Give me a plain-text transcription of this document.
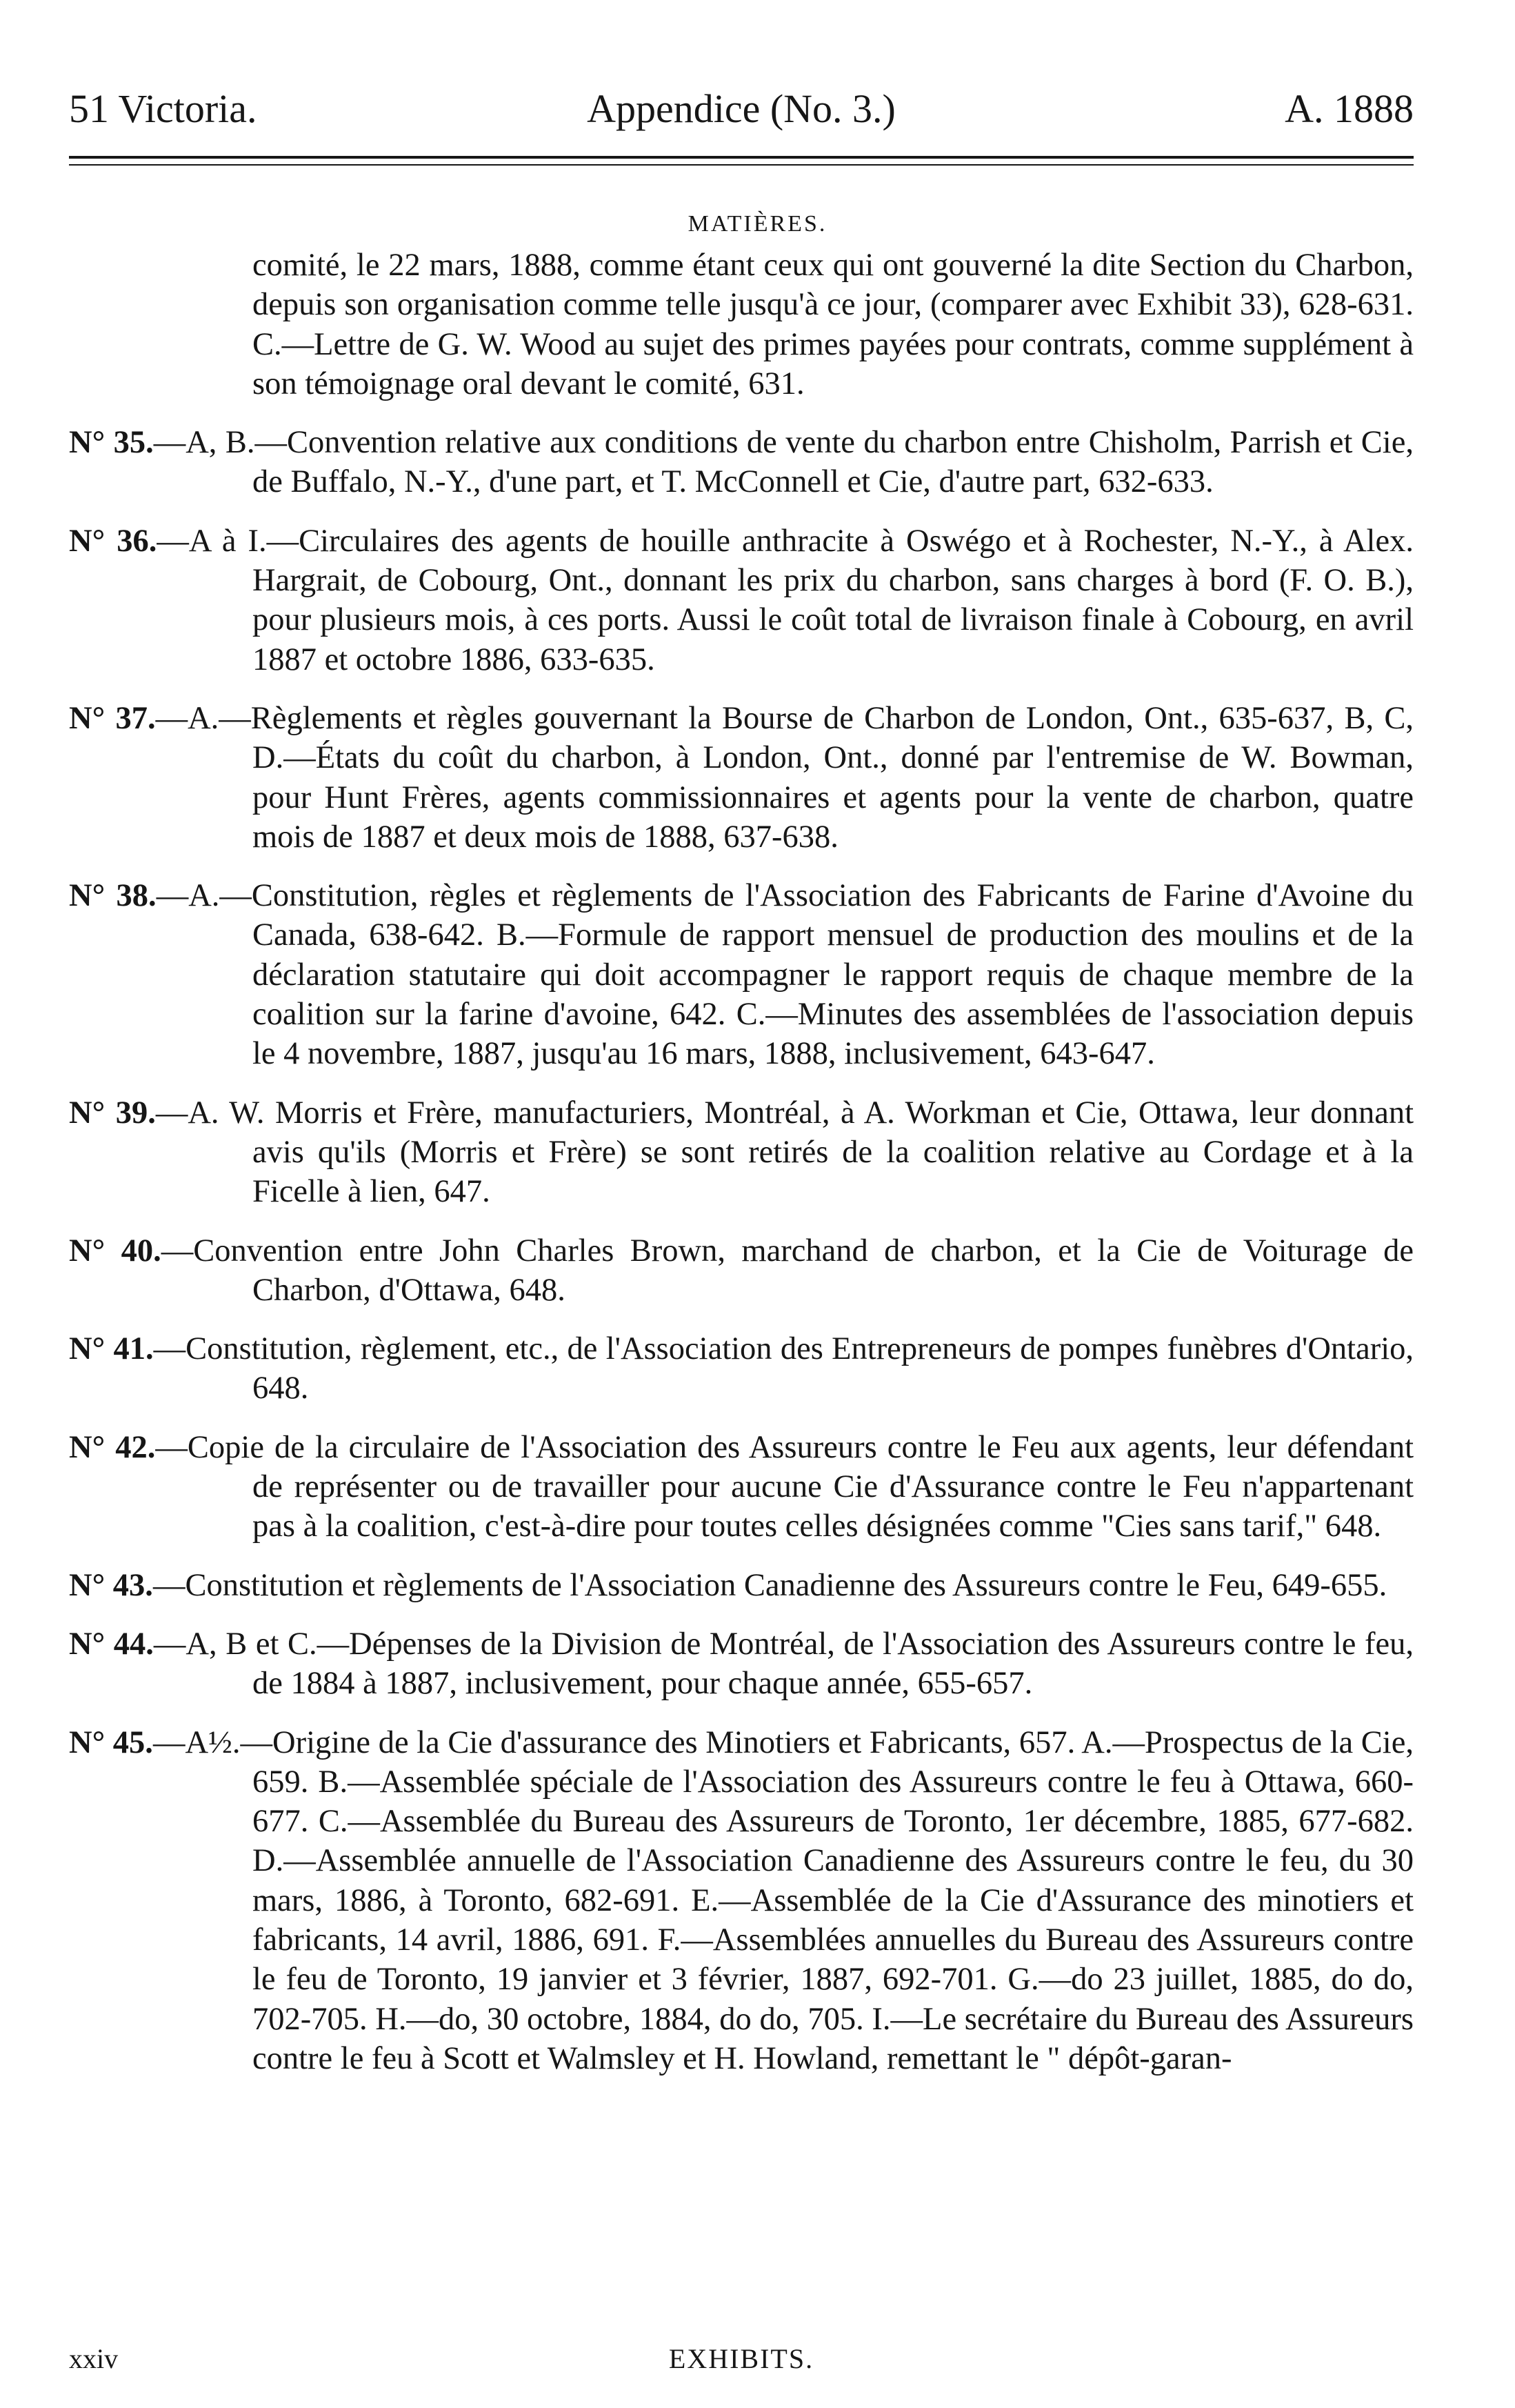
51 Victoria.	Appendice (No. 3.)	A. 1888
MATIÈRES.

comité, le 22 mars, 1888, comme étant ceux qui ont gouverné la dite Section du Charbon, depuis son organisation comme telle jusqu'à ce jour, (comparer avec Exhibit 33), 628-631. C.—Lettre de G. W. Wood au sujet des primes payées pour contrats, comme supplément à son témoignage oral devant le comité, 631.

N° 35.—A, B.—Convention relative aux conditions de vente du charbon entre Chisholm, Parrish et Cie, de Buffalo, N.-Y., d'une part, et T. McConnell et Cie, d'autre part, 632-633.

N° 36.—A à I.—Circulaires des agents de houille anthracite à Oswégo et à Rochester, N.-Y., à Alex. Hargrait, de Cobourg, Ont., donnant les prix du charbon, sans charges à bord (F. O. B.), pour plusieurs mois, à ces ports. Aussi le coût total de livraison finale à Cobourg, en avril 1887 et octobre 1886, 633-635.

N° 37.—A.—Règlements et règles gouvernant la Bourse de Charbon de London, Ont., 635-637, B, C, D.—États du coût du charbon, à London, Ont., donné par l'entremise de W. Bowman, pour Hunt Frères, agents commissionnaires et agents pour la vente de charbon, quatre mois de 1887 et deux mois de 1888, 637-638.

N° 38.—A.—Constitution, règles et règlements de l'Association des Fabricants de Farine d'Avoine du Canada, 638-642. B.—Formule de rapport mensuel de production des moulins et de la déclaration statutaire qui doit accompagner le rapport requis de chaque membre de la coalition sur la farine d'avoine, 642. C.—Minutes des assemblées de l'association depuis le 4 novembre, 1887, jusqu'au 16 mars, 1888, inclusivement, 643-647.

N° 39.—A. W. Morris et Frère, manufacturiers, Montréal, à A. Workman et Cie, Ottawa, leur donnant avis qu'ils (Morris et Frère) se sont retirés de la coalition relative au Cordage et à la Ficelle à lien, 647.

N° 40.—Convention entre John Charles Brown, marchand de charbon, et la Cie de Voiturage de Charbon, d'Ottawa, 648.

N° 41.—Constitution, règlement, etc., de l'Association des Entrepreneurs de pompes funèbres d'Ontario, 648.

N° 42.—Copie de la circulaire de l'Association des Assureurs contre le Feu aux agents, leur défendant de représenter ou de travailler pour aucune Cie d'Assurance contre le Feu n'appartenant pas à la coalition, c'est-à-dire pour toutes celles désignées comme "Cies sans tarif," 648.

N° 43.—Constitution et règlements de l'Association Canadienne des Assureurs contre le Feu, 649-655.

N° 44.—A, B et C.—Dépenses de la Division de Montréal, de l'Association des Assureurs contre le feu, de 1884 à 1887, inclusivement, pour chaque année, 655-657.

N° 45.—A½.—Origine de la Cie d'assurance des Minotiers et Fabricants, 657. A.—Prospectus de la Cie, 659. B.—Assemblée spéciale de l'Association des Assureurs contre le feu à Ottawa, 660-677. C.—Assemblée du Bureau des Assureurs de Toronto, 1er décembre, 1885, 677-682. D.—Assemblée annuelle de l'Association Canadienne des Assureurs contre le feu, du 30 mars, 1886, à Toronto, 682-691. E.—Assemblée de la Cie d'Assurance des minotiers et fabricants, 14 avril, 1886, 691. F.—Assemblées annuelles du Bureau des Assureurs contre le feu de Toronto, 19 janvier et 3 février, 1887, 692-701. G.—do 23 juillet, 1885, do do, 702-705. H.—do, 30 octobre, 1884, do do, 705. I.—Le secrétaire du Bureau des Assureurs contre le feu à Scott et Walmsley et H. Howland, remettant le " dépôt-garan-

xxiv	EXHIBITS.
